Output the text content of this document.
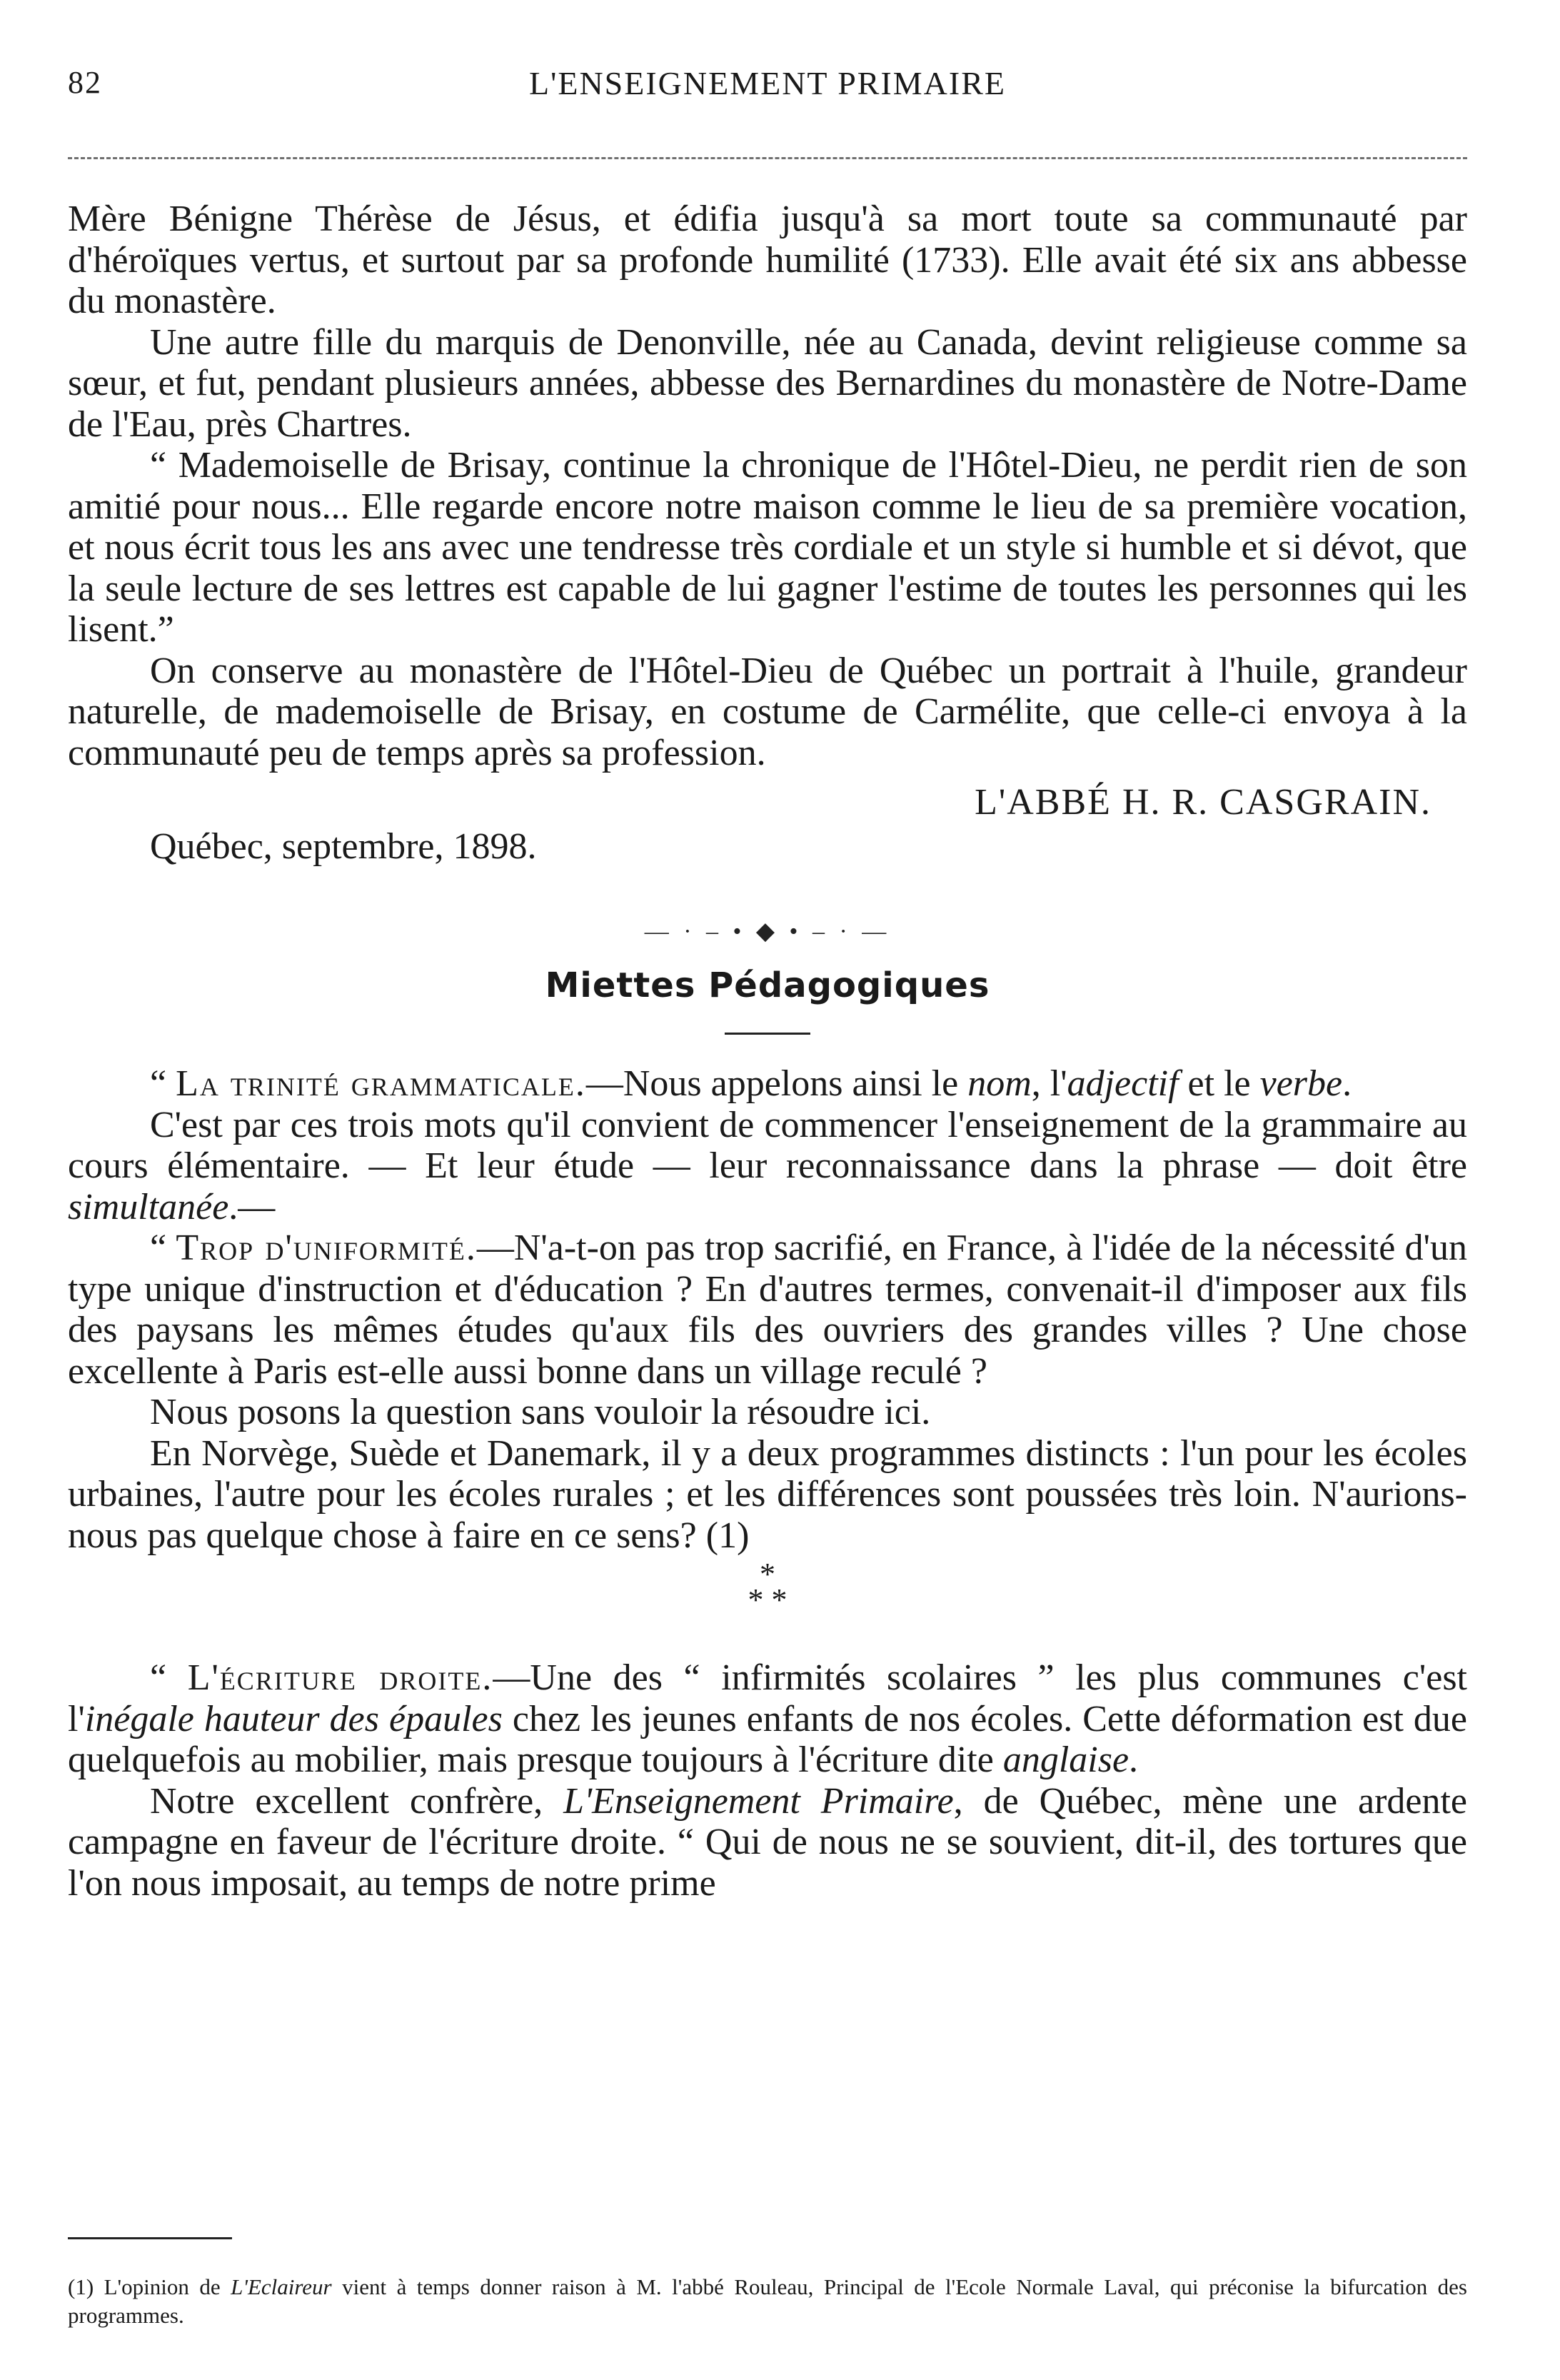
82	L'ENSEIGNEMENT PRIMAIRE

Mère Bénigne Thérèse de Jésus, et édifia jusqu'à sa mort toute sa communauté par d'héroïques vertus, et surtout par sa profonde humilité (1733). Elle avait été six ans abbesse du monastère.

Une autre fille du marquis de Denonville, née au Canada, devint religieuse comme sa sœur, et fut, pendant plusieurs années, abbesse des Bernardines du monastère de Notre-Dame de l'Eau, près Chartres.

“ Mademoiselle de Brisay, continue la chronique de l'Hôtel-Dieu, ne perdit rien de son amitié pour nous... Elle regarde encore notre maison comme le lieu de sa première vocation, et nous écrit tous les ans avec une tendresse très cordiale et un style si humble et si dévot, que la seule lecture de ses lettres est capable de lui gagner l'estime de toutes les personnes qui les lisent.”

On conserve au monastère de l'Hôtel-Dieu de Québec un portrait à l'huile, grandeur naturelle, de mademoiselle de Brisay, en costume de Carmélite, que celle-ci envoya à la communauté peu de temps après sa profession.

L'ABBÉ H. R. CASGRAIN.

Québec, septembre, 1898.

— · – • ◆ • – · —
Miettes Pédagogiques

“ La trinité grammaticale.—Nous appelons ainsi le nom, l'adjectif et le verbe.

C'est par ces trois mots qu'il convient de commencer l'enseignement de la grammaire au cours élémentaire. — Et leur étude — leur reconnaissance dans la phrase — doit être simultanée.—

“ Trop d'uniformité.—N'a-t-on pas trop sacrifié, en France, à l'idée de la nécessité d'un type unique d'instruction et d'éducation ? En d'autres termes, convenait-il d'imposer aux fils des paysans les mêmes études qu'aux fils des ouvriers des grandes villes ? Une chose excellente à Paris est-elle aussi bonne dans un village reculé ?

Nous posons la question sans vouloir la résoudre ici.

En Norvège, Suède et Danemark, il y a deux programmes distincts : l'un pour les écoles urbaines, l'autre pour les écoles rurales ; et les différences sont poussées très loin. N'aurions-nous pas quelque chose à faire en ce sens? (1)

*
* *

“ L'écriture droite.—Une des “ infirmités scolaires ” les plus communes c'est l'inégale hauteur des épaules chez les jeunes enfants de nos écoles. Cette déformation est due quelquefois au mobilier, mais presque toujours à l'écriture dite anglaise.

Notre excellent confrère, L'Enseignement Primaire, de Québec, mène une ardente campagne en faveur de l'écriture droite. “ Qui de nous ne se souvient, dit-il, des tortures que l'on nous imposait, au temps de notre prime

(1) L'opinion de L'Eclaireur vient à temps donner raison à M. l'abbé Rouleau, Principal de l'Ecole Normale Laval, qui préconise la bifurcation des programmes.
